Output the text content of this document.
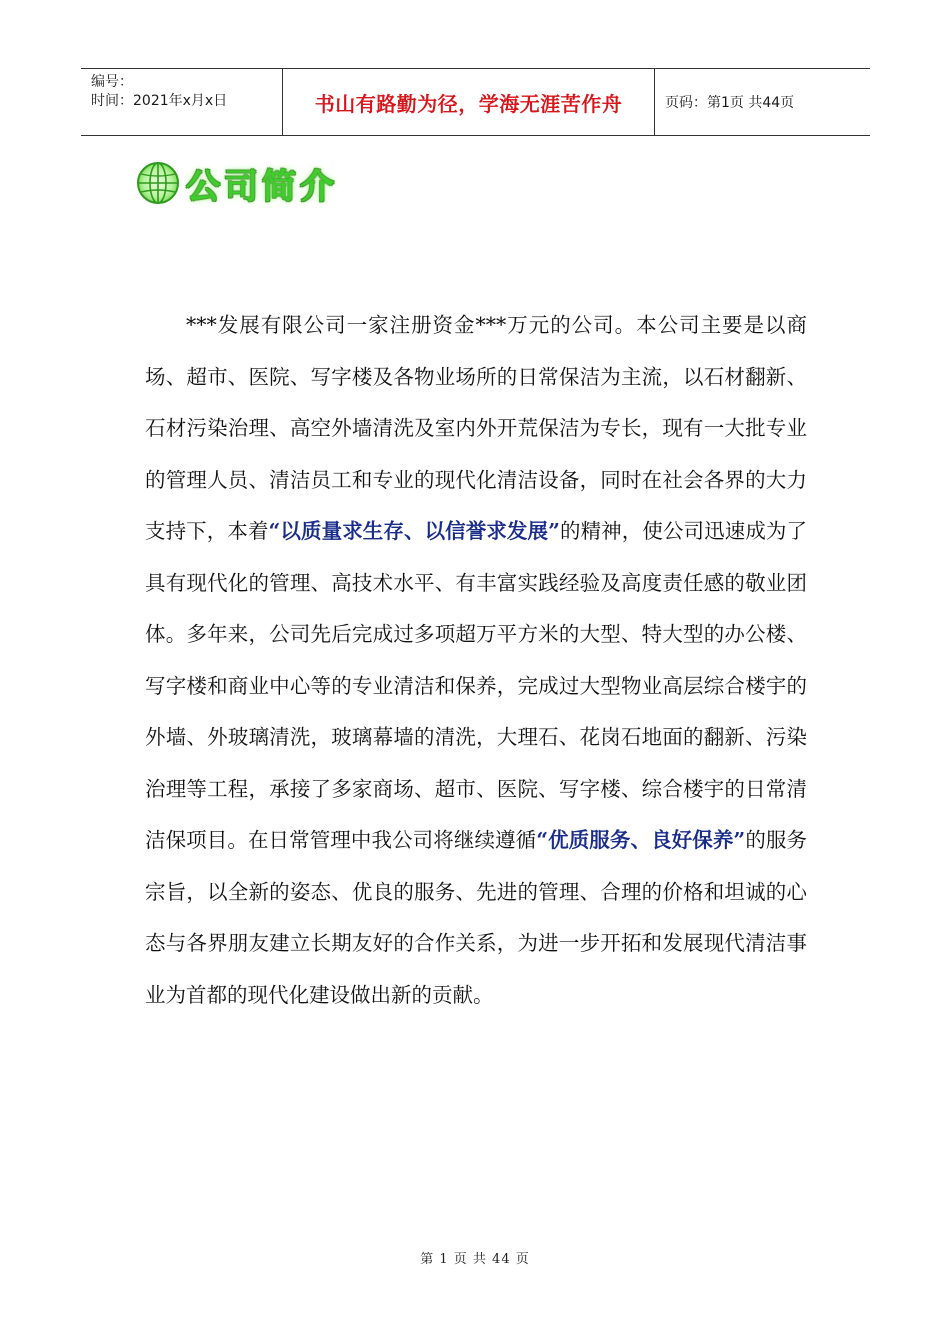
编号：
时间：2021年x月x日	书山有路勤为径，学海无涯苦作舟	页码：第1页 共44页
公司简介

***发展有限公司一家注册资金***万元的公司。本公司主要是以商场、超市、医院、写字楼及各物业场所的日常保洁为主流，以石材翻新、石材污染治理、高空外墙清洗及室内外开荒保洁为专长，现有一大批专业的管理人员、清洁员工和专业的现代化清洁设备，同时在社会各界的大力支持下，本着“以质量求生存、以信誉求发展”的精神，使公司迅速成为了具有现代化的管理、高技术水平、有丰富实践经验及高度责任感的敬业团体。多年来，公司先后完成过多项超万平方米的大型、特大型的办公楼、写字楼和商业中心等的专业清洁和保养，完成过大型物业高层综合楼宇的外墙、外玻璃清洗，玻璃幕墙的清洗，大理石、花岗石地面的翻新、污染治理等工程，承接了多家商场、超市、医院、写字楼、综合楼宇的日常清洁保项目。在日常管理中我公司将继续遵循“优质服务、良好保养”的服务宗旨，以全新的姿态、优良的服务、先进的管理、合理的价格和坦诚的心态与各界朋友建立长期友好的合作关系，为进一步开拓和发展现代清洁事业为首都的现代化建设做出新的贡献。

第 1 页 共 44 页
